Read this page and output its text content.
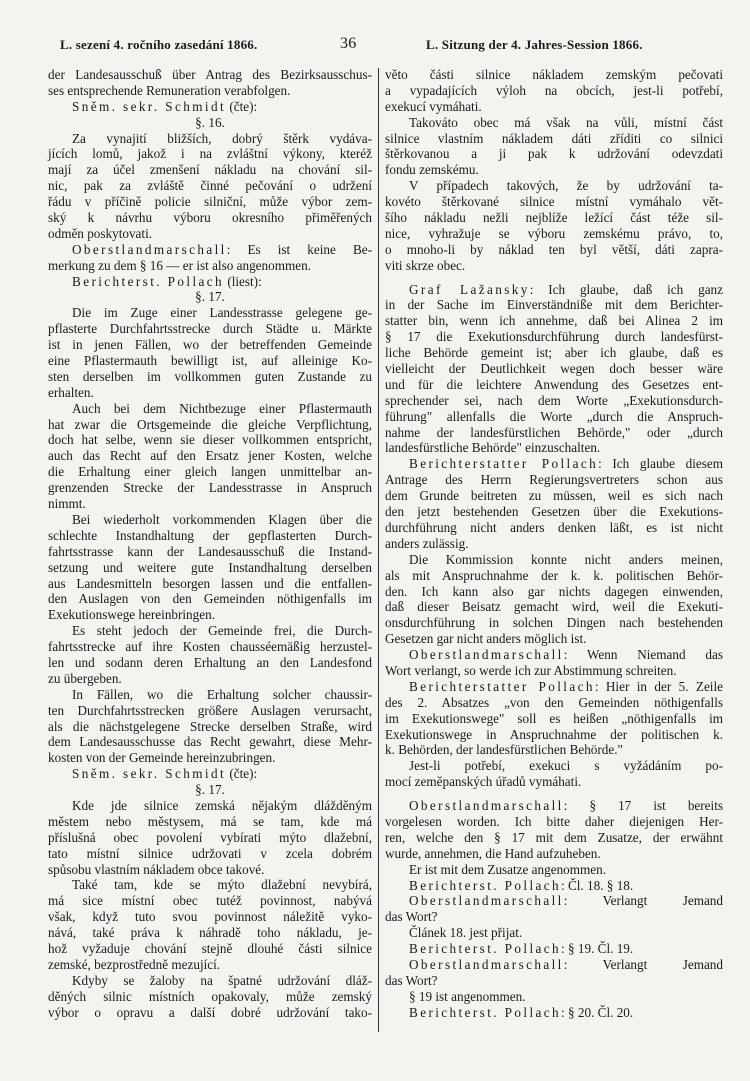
L. sezení 4. ročního zasedání 1866.	36	L. Sitzung der 4. Jahres-Session 1866.
der Landesausschuß über Antrag des Bezirksausschus-
ses entsprechende Remuneration verabfolgen.
Sněm. sekr. Schmidt (čte):
§. 16.
Za vynajití bližších, dobrý štěrk vydáva-
jících lomů, jakož i na zvláštní výkony, kteréž
mají za účel zmenšení nákladu na chování sil-
nic, pak za zvláště činné pečování o udržení
řádu v příčině policie silniční, může výbor zem-
ský k návrhu výboru okresního přiměřených
odměn poskytovati.
Oberstlandmarschall: Es ist keine Be-
merkung zu dem § 16 — er ist also angenommen.
Berichterst. Pollach (liest):
§. 17.
Die im Zuge einer Landesstrasse gelegene ge-
pflasterte Durchfahrtsstrecke durch Städte u. Märkte
ist in jenen Fällen, wo der betreffenden Gemeinde
eine Pflastermauth bewilligt ist, auf alleinige Ko-
sten derselben im vollkommen guten Zustande zu
erhalten.
Auch bei dem Nichtbezuge einer Pflastermauth
hat zwar die Ortsgemeinde die gleiche Verpflichtung,
doch hat selbe, wenn sie dieser vollkommen entspricht,
auch das Recht auf den Ersatz jener Kosten, welche
die Erhaltung einer gleich langen unmittelbar an-
grenzenden Strecke der Landesstrasse in Anspruch
nimmt.
Bei wiederholt vorkommenden Klagen über die
schlechte Instandhaltung der gepflasterten Durch-
fahrtsstrasse kann der Landesausschuß die Instand-
setzung und weitere gute Instandhaltung derselben
aus Landesmitteln besorgen lassen und die entfallen-
den Auslagen von den Gemeinden nöthigenfalls im
Exekutionswege hereinbringen.
Es steht jedoch der Gemeinde frei, die Durch-
fahrtsstrecke auf ihre Kosten chausséemäßig herzustel-
len und sodann deren Erhaltung an den Landesfond
zu übergeben.
In Fällen, wo die Erhaltung solcher chaussir-
ten Durchfahrtsstrecken größere Auslagen verursacht,
als die nächstgelegene Strecke derselben Straße, wird
dem Landesausschusse das Recht gewahrt, diese Mehr-
kosten von der Gemeinde hereinzubringen.
Sněm. sekr. Schmidt (čte):
§. 17.
Kde jde silnice zemská nějakým dlážděným
městem nebo městysem, má se tam, kde má
příslušná obec povolení vybírati mýto dlažební,
tato místní silnice udržovati v zcela dobrém
spůsobu vlastním nákladem obce takové.
Také tam, kde se mýto dlažební nevybírá,
má sice místní obec tutéž povinnost, nabývá
však, když tuto svou povinnost náležitě vyko-
nává, také práva k náhradě toho nákladu, je-
hož vyžaduje chování stejně dlouhé části silnice
zemské, bezprostředně mezující.
Kdyby se žaloby na špatné udržování dláž-
děných silnic místních opakovaly, může zemský
výbor o opravu a další dobré udržování tako-
věto části silnice nákladem zemským pečovati
a vypadajících výloh na obcích, jest-li potřebí,
exekucí vymáhati.
Takováto obec má však na vůli, místní část
silnice vlastním nákladem dáti zříditi co silnici
štěrkovanou a ji pak k udržování odevzdati
fondu zemskému.
V případech takových, že by udržování ta-
kovéto štěrkované silnice místní vymáhalo vět-
šího nákladu nežli nejblíže ležící část téže sil-
nice, vyhražuje se výboru zemskému právo, to,
o mnoho-li by náklad ten byl větší, dáti zapra-
viti skrze obec.
Graf Lažansky: Ich glaube, daß ich ganz
in der Sache im Einverständniße mit dem Berichter-
statter bin, wenn ich annehme, daß bei Alinea 2 im
§ 17 die Exekutionsdurchführung durch landesfürst-
liche Behörde gemeint ist; aber ich glaube, daß es
vielleicht der Deutlichkeit wegen doch besser wäre
und für die leichtere Anwendung des Gesetzes ent-
sprechender sei, nach dem Worte „Exekutionsdurch-
führung" allenfalls die Worte „durch die Anspruch-
nahme der landesfürstlichen Behörde," oder „durch
landesfürstliche Behörde" einzuschalten.
Berichterstatter Pollach: Ich glaube diesem
Antrage des Herrn Regierungsvertreters schon aus
dem Grunde beitreten zu müssen, weil es sich nach
den jetzt bestehenden Gesetzen über die Exekutions-
durchführung nicht anders denken läßt, es ist nicht
anders zulässig.
Die Kommission konnte nicht anders meinen,
als mit Anspruchnahme der k. k. politischen Behör-
den. Ich kann also gar nichts dagegen einwenden,
daß dieser Beisatz gemacht wird, weil die Exekuti-
onsdurchführung in solchen Dingen nach bestehenden
Gesetzen gar nicht anders möglich ist.
Oberstlandmarschall: Wenn Niemand das
Wort verlangt, so werde ich zur Abstimmung schreiten.
Berichterstatter Pollach: Hier in der 5. Zeile
des 2. Absatzes „von den Gemeinden nöthigenfalls
im Exekutionswege" soll es heißen „nöthigenfalls im
Exekutionswege in Anspruchnahme der politischen k.
k. Behörden, der landesfürstlichen Behörde."
Jest-li potřebí, exekuci s vyžádáním po-
mocí zeměpanských úřadů vymáhati.
Oberstlandmarschall: § 17 ist bereits
vorgelesen worden. Ich bitte daher diejenigen Her-
ren, welche den § 17 mit dem Zusatze, der erwähnt
wurde, annehmen, die Hand aufzuheben.
Er ist mit dem Zusatze angenommen.
Berichterst. Pollach: Čl. 18. § 18.
Oberstlandmarschall: Verlangt Jemand
das Wort?
Článek 18. jest přijat.
Berichterst. Pollach: § 19. Čl. 19.
Oberstlandmarschall: Verlangt Jemand
das Wort?
§ 19 ist angenommen.
Berichterst. Pollach: § 20. Čl. 20.
